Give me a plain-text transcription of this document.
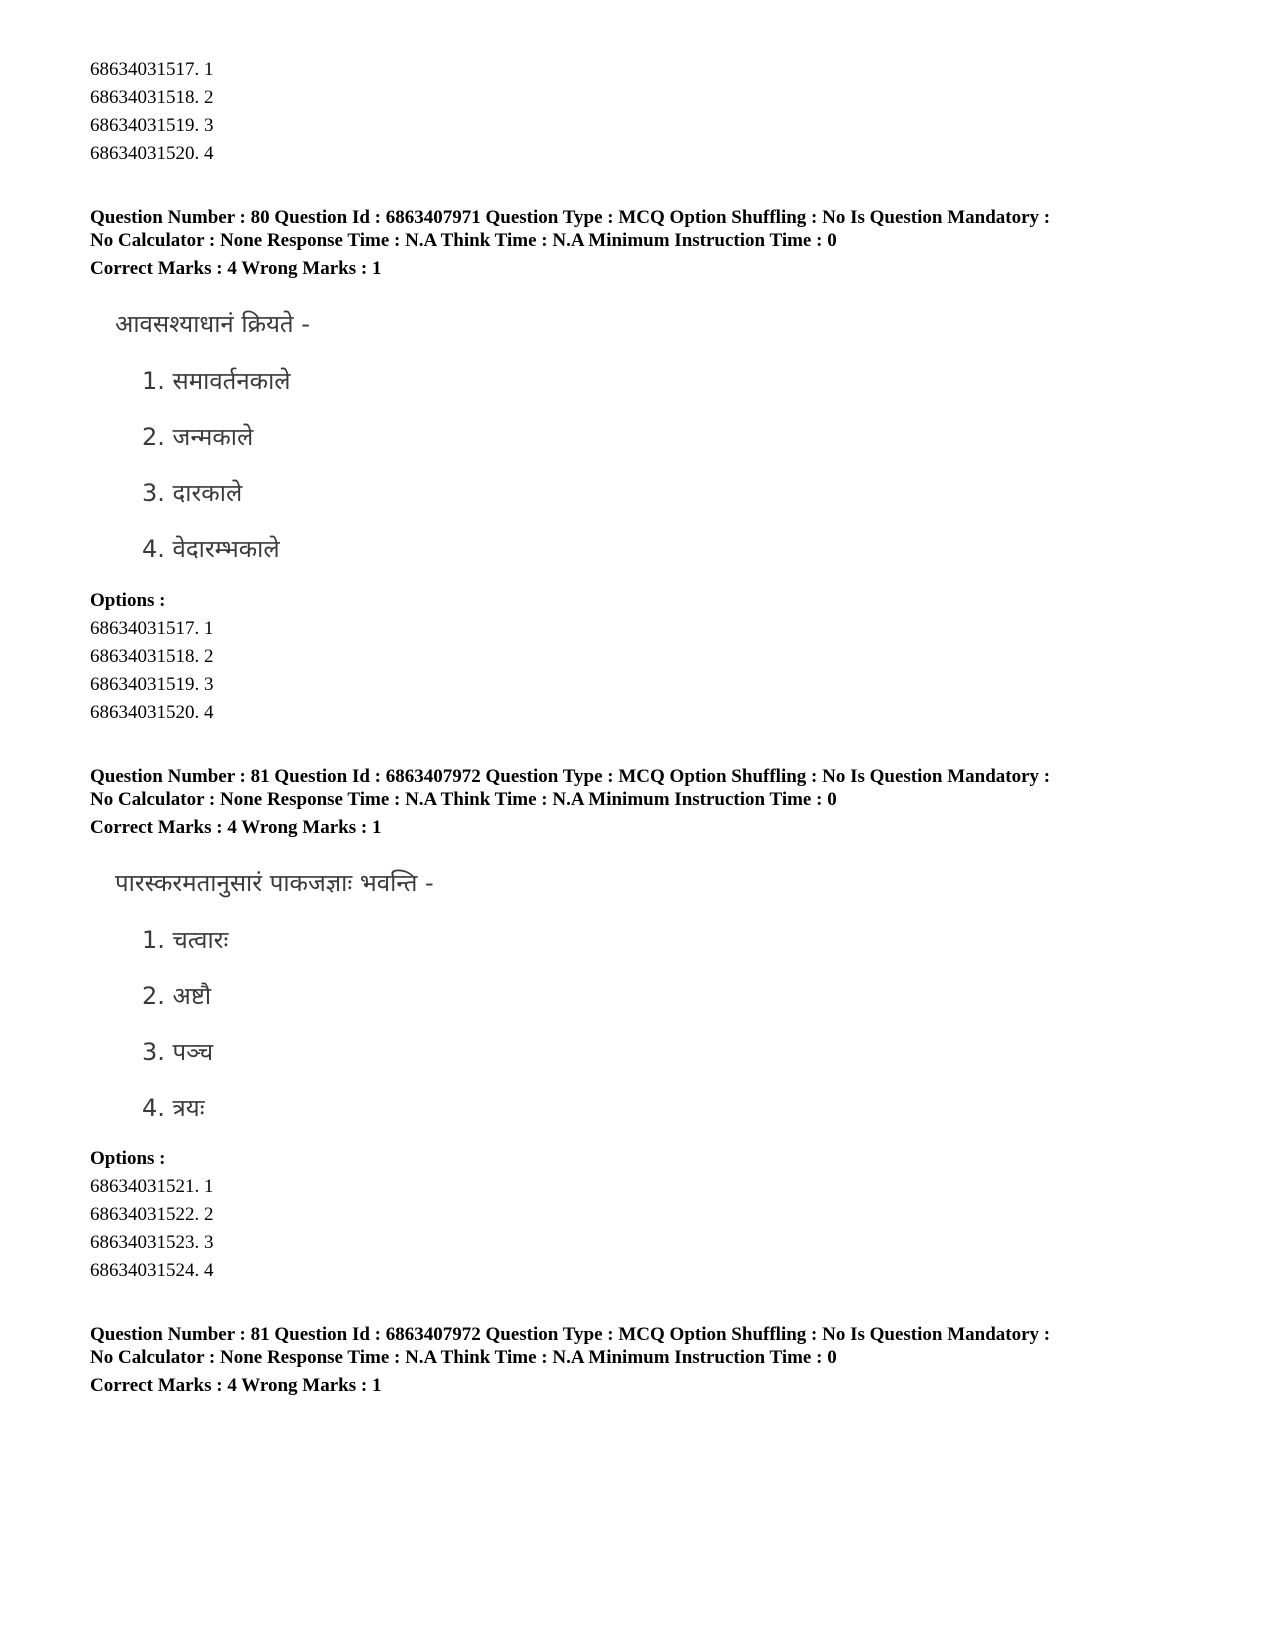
68634031517. 1
68634031518. 2
68634031519. 3
68634031520. 4
Question Number : 80 Question Id : 6863407971 Question Type : MCQ Option Shuffling : No Is Question Mandatory :
No Calculator : None Response Time : N.A Think Time : N.A Minimum Instruction Time : 0
Correct Marks : 4 Wrong Marks : 1
आवसश्याधानं क्रियते -
1. समावर्तनकाले
2. जन्मकाले
3. दारकाले
4. वेदारम्भकाले
Options :
68634031517. 1
68634031518. 2
68634031519. 3
68634031520. 4
Question Number : 81 Question Id : 6863407972 Question Type : MCQ Option Shuffling : No Is Question Mandatory :
No Calculator : None Response Time : N.A Think Time : N.A Minimum Instruction Time : 0
Correct Marks : 4 Wrong Marks : 1
पारस्करमतानुसारं पाकजज्ञाः भवन्ति -
1. चत्वारः
2. अष्टौ
3. पञ्च
4. त्रयः
Options :
68634031521. 1
68634031522. 2
68634031523. 3
68634031524. 4
Question Number : 81 Question Id : 6863407972 Question Type : MCQ Option Shuffling : No Is Question Mandatory :
No Calculator : None Response Time : N.A Think Time : N.A Minimum Instruction Time : 0
Correct Marks : 4 Wrong Marks : 1
